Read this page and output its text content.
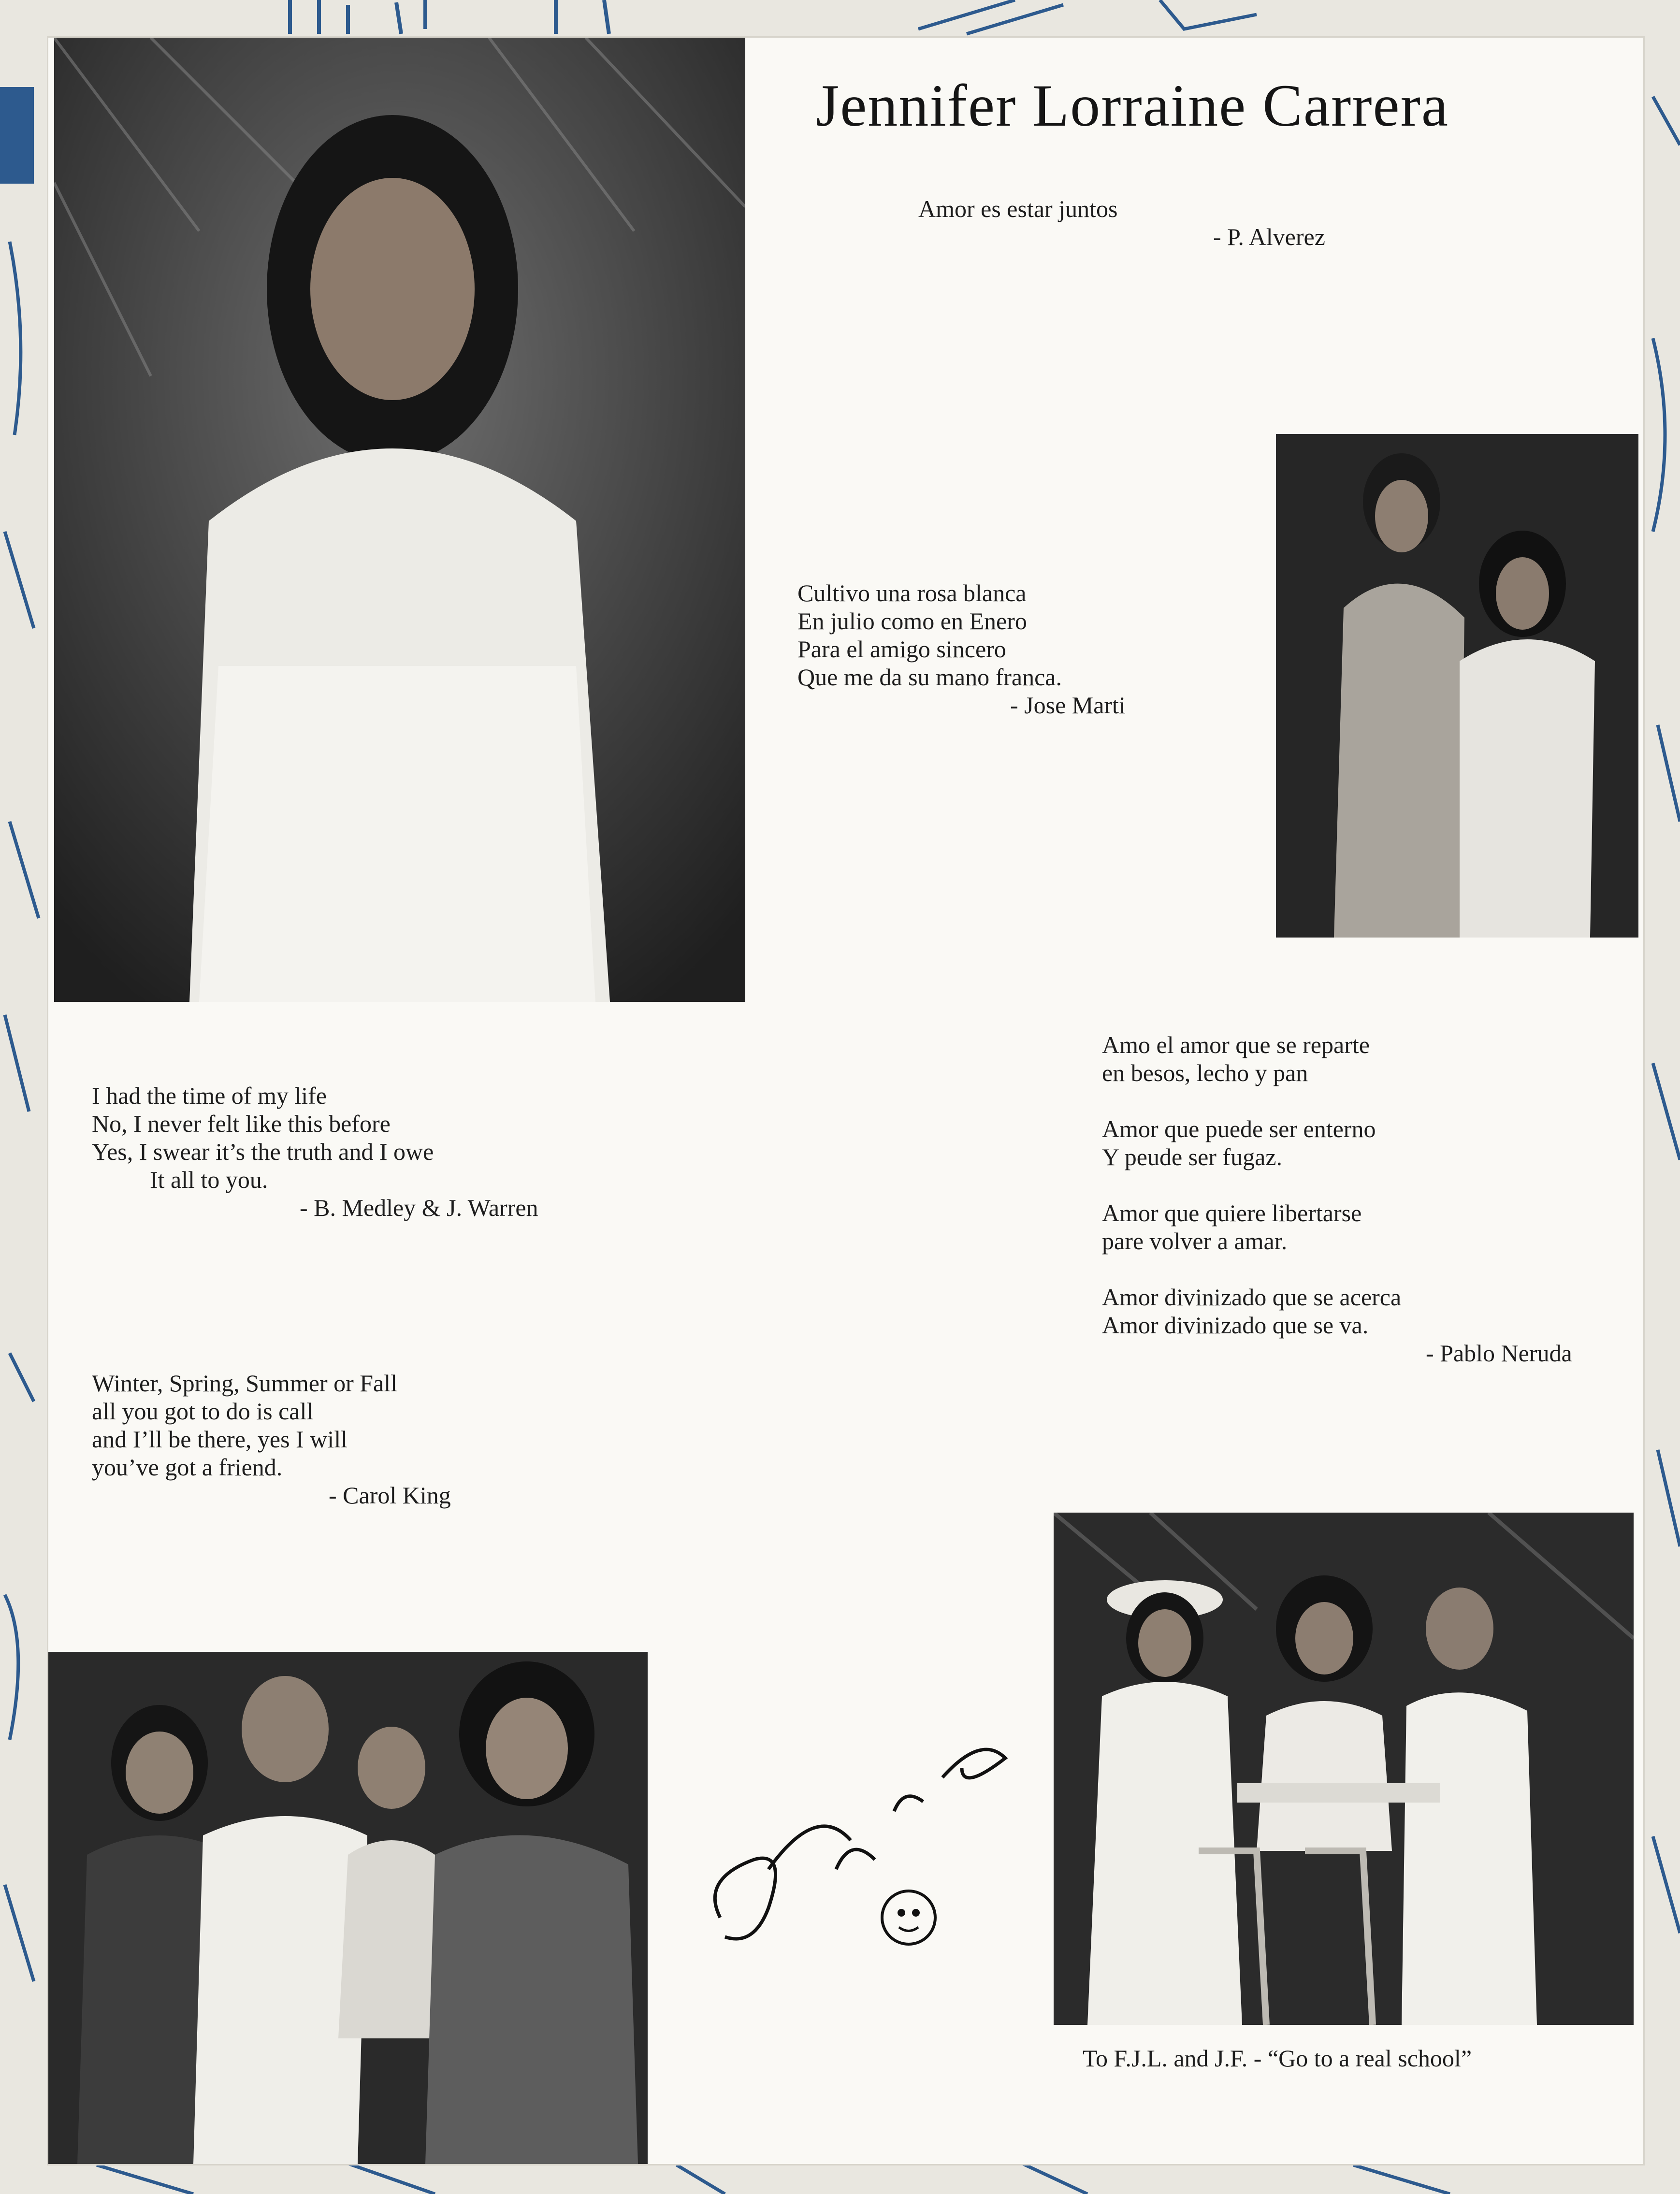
Jennifer Lorraine Carrera
Amor es estar juntos
- P. Alverez
Cultivo una rosa blanca
En julio como en Enero
Para el amigo sincero
Que me da su mano franca.
- Jose Marti
I had the time of my life
No, I never felt like this before
Yes, I swear it’s the truth and I owe
It all to you.
- B. Medley & J. Warren
Amo el amor que se reparte
en besos, lecho y pan
Amor que puede ser enterno
Y peude ser fugaz.
Amor que quiere libertarse
pare volver a amar.
Amor divinizado que se acerca
Amor divinizado que se va.
- Pablo Neruda
Winter, Spring, Summer or Fall
all you got to do is call
and I’ll be there, yes I will
you’ve got a friend.
- Carol King
To F.J.L. and J.F. - “Go to a real school”
